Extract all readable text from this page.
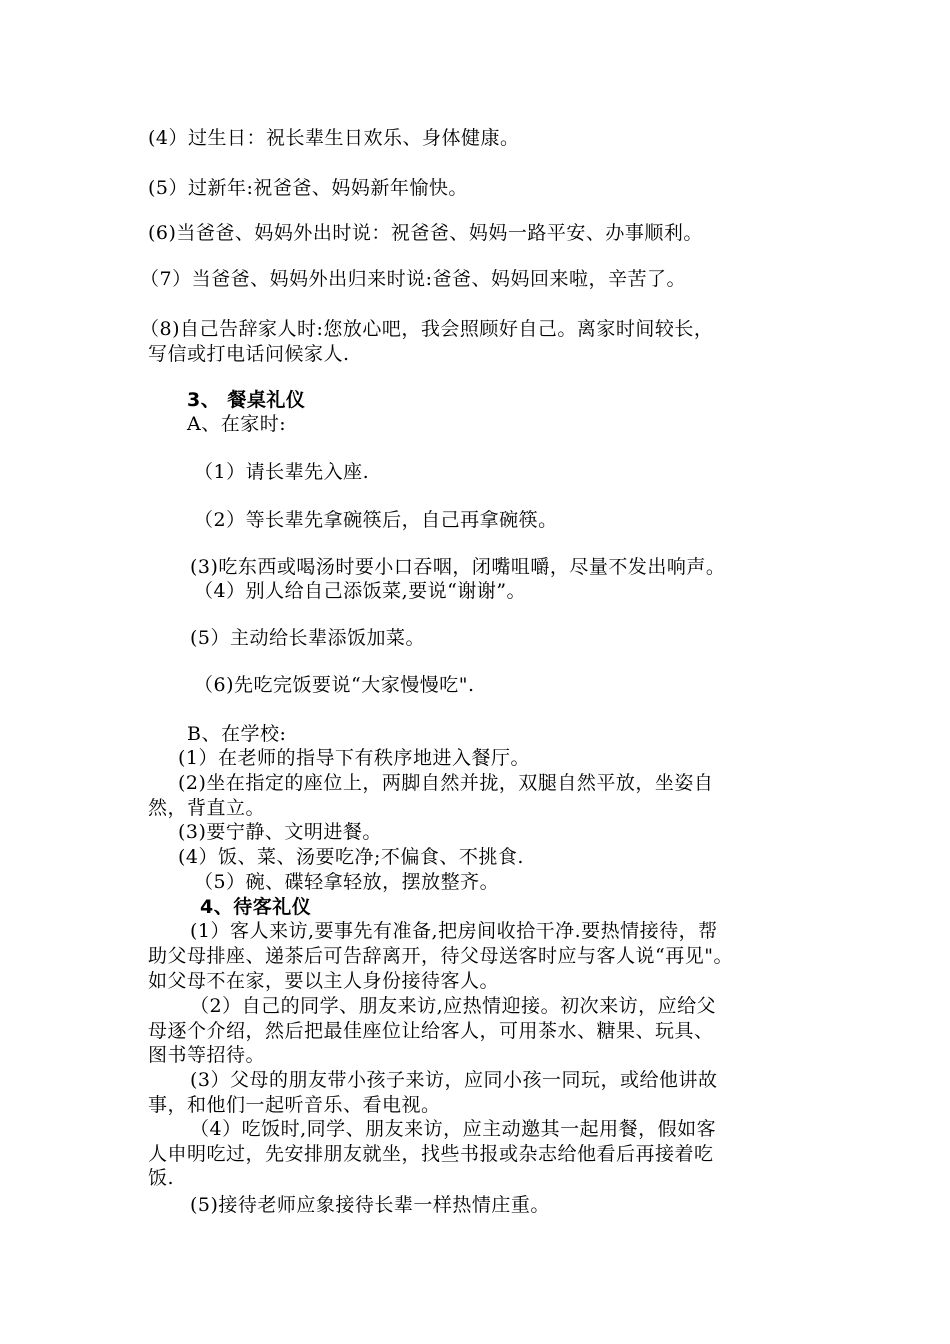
(4）过生日：祝长辈生日欢乐、身体健康。
(5）过新年:祝爸爸、妈妈新年愉快。
(6)当爸爸、妈妈外出时说：祝爸爸、妈妈一路平安、办事顺利。
（7）当爸爸、妈妈外出归来时说:爸爸、妈妈回来啦，辛苦了。
（8)自己告辞家人时:您放心吧，我会照顾好自己。离家时间较长，
写信或打电话问候家人.
3、 餐桌礼仪
A、在家时:
（1）请长辈先入座.
（2）等长辈先拿碗筷后，自己再拿碗筷。
(3)吃东西或喝汤时要小口吞咽，闭嘴咀嚼，尽量不发出响声。
（4）别人给自己添饭菜,要说“谢谢”。
(5）主动给长辈添饭加菜。
（6)先吃完饭要说“大家慢慢吃".
B、在学校:
(1）在老师的指导下有秩序地进入餐厅。
(2)坐在指定的座位上，两脚自然并拢，双腿自然平放，坐姿自
然，背直立。
(3)要宁静、文明进餐。
(4）饭、菜、汤要吃净;不偏食、不挑食.
（5）碗、碟轻拿轻放，摆放整齐。
4、待客礼仪
(1）客人来访,要事先有准备,把房间收拾干净.要热情接待，帮
助父母排座、递茶后可告辞离开，待父母送客时应与客人说“再见"。
如父母不在家，要以主人身份接待客人。
（2）自己的同学、朋友来访,应热情迎接。初次来访，应给父
母逐个介绍，然后把最佳座位让给客人，可用茶水、糖果、玩具、
图书等招待。
(3）父母的朋友带小孩子来访，应同小孩一同玩，或给他讲故
事，和他们一起听音乐、看电视。
（4）吃饭时,同学、朋友来访，应主动邀其一起用餐，假如客
人申明吃过，先安排朋友就坐，找些书报或杂志给他看后再接着吃
饭.
(5)接待老师应象接待长辈一样热情庄重。
